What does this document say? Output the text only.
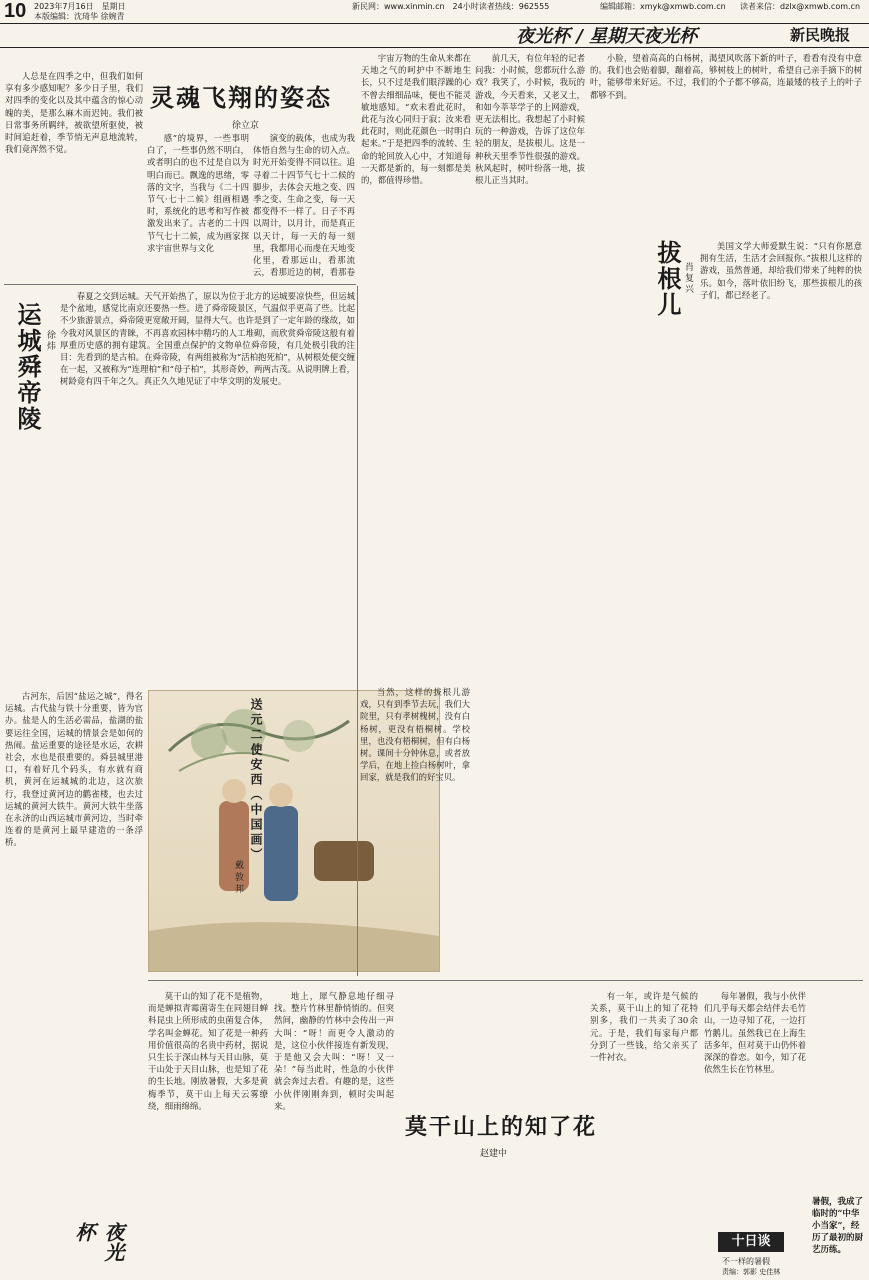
10 2023年7月16日　星期日
本版编辑：沈琦华 徐婉青
新民网：www.xinmin.cn　24小时读者热线：962555	编辑邮箱：xmyk@xmwb.com.cn 读者来信：dzlx@xmwb.com.cn
夜光杯 / 星期天夜光杯	新民晚报
灵魂飞翔的姿态
徐立京
人总是在四季之中，但我们如何享有多少感知呢？多少日子里，我们对四季的变化以及其中蕴含的惊心动魄的美，是那么麻木而迟钝。我们被日常事务所羁绊，被欲望所驱使，被时间追赶着，季节悄无声息地流转，我们竟浑然不觉。
感”的境界，一些事明白了，一些事仍然不明白，或者明白的也不过是自以为明白而已。飘逸的思绪，零落的文字，当我与《二十四节气·七十二候》组画相遇时，系统化的思考和写作被激发出来了。古老的二十四节气七十二候，成为画家探求宇宙世界与文化
演变的载体，也成为我体悟自然与生命的切入点。时光开始变得不同以往。追寻着二十四节气七十二候的脚步，去体会天地之变、四季之变、生命之变，每一天都变得不一样了。日子不再以周计，以月计，而是真正以天计，每一天的每一刻里，我都用心而虔在天地变化里，看那远山，看那流云，看那近边的树，看那卷
宇宙万物的生命从来都在天地之气的呵护中不断地生长，只不过是我们眼浮躁的心不曾去细细品味，便也不能灵敏地感知。“欢未看此花时，此花与汝心同归于寂；汝来看此花时，则此花颜色一时明白起来。”于是把四季的流转、生命的轮回放入心中，才知道每一天都是新的，每一刻都是美的，都值得珍惜。
前几天，有位年轻的记者问我：小时候，您都玩什么游戏？我笑了，小时候，我玩的游戏，今天看来，又老又土，和如今莘莘学子的上网游戏，更无法相比。我想起了小时候玩的一种游戏，告诉了这位年轻的朋友，是拔根儿。这是一种秋天里季节性很强的游戏。秋风起时，树叶纷落一地，拔根儿正当其时。
运城舜帝陵 徐炜
春夏之交到运城。天气开始热了，原以为位于北方的运城要凉快些，但运城是个盆地，感觉比南京还要热一些。进了舜帝陵景区，气温似乎更高了些。比起不少旅游景点，舜帝陵更宽敞开阔，显得大气。也许是到了一定年龄的缘故，如今我对风景区的青睐，不再喜欢园林中精巧的人工堆砌，而欣赏舜帝陵这般有着厚重历史感的拥有建筑。全国重点保护的文物单位舜帝陵，有几处极引我的注目：先看到的是古柏。在舜帝陵，有两组被称为“活柏抱死柏”，从树根处便交缠在一起，又被称为“连理柏”和“母子柏”，其形奇妙，两两古茂。从说明牌上看，树龄竟有四千年之久。真正久久地见证了中华文明的发展史。
古河东，后因“盐运之城”，得名运城。古代盐与铁十分重要，皆为官办。盐是人的生活必需品，盐湖的盐要运往全国，运城的情景会是如何的热闹。盐运重要的途径是水运，农耕社会，水也是很重要的。舜县城里港口，有着好几个码头，有水就有商机，黄河在运城城的北边，这次旅行，我登过黄河边的鹳雀楼，也去过运城的黄河大铁牛。黄河大铁牛坐落在永济的山西运城市黄河边，当时牵连着的是黄河上最早建造的一条浮桥。	送元二使安西（中国画）
戴敦邦
当然，这样的拔根儿游戏，只有到季节去玩，我们大院里，只有孝树槐树，没有白杨树，更没有梧桐树。学校里，也没有梧桐树，但有白杨树。课间十分钟休息，或者放学后，在地上捡白杨树叶，拿回家，就是我们的好宝贝。
拔根儿 肖复兴
小脸，望着高高的白杨树，渴望风吹落下新的叶子，看看有没有中意的。我们也会贴着脚，蹦着高，够树枝上的树叶，希望自己亲手摘下的树叶，能够带来好运。不过，我们的个子都不够高，连最矮的枝子上的叶子都够不到。
美国文学大师爱默生说：“只有你愿意拥有生活，生活才会回报你。”拔根儿这样的游戏，虽然普通，却给我们带来了纯粹的快乐。如今，落叶依旧纷飞，那些拔根儿的孩子们，都已经老了。
莫干山上的知了花
赵建中
莫干山的知了花不是植物，而是蝉拟青霉菌寄生在同翅目蝉科昆虫上所形成的虫菌复合体，学名叫金蝉花。知了花是一种药用价值很高的名贵中药材，据说只生长于深山林与天目山脉，莫干山处于天目山脉，也是知了花的生长地。刚放暑假，大多是黄梅季节，莫干山上每天云雾缭绕，细雨绵绵。
地上，犀气静息地仔细寻找。整片竹林里静悄悄的。但突然间，幽静的竹林中会传出一声大叫：“呀！而更令人激动的是，这位小伙伴接连有新发现，于是他又会大叫：“呀！又一朵！”每当此时，性急的小伙伴就会奔过去看。有趣的是，这些小伙伴刚刚奔到，顿时尖叫起来。
有一年，或许是气候的关系，莫干山上的知了花特别多，我们一共卖了30余元。于是，我们每家每户都分到了一些钱，给父亲买了一件衬衣。
每年暑假，我与小伙伴们几乎每天都会结伴去毛竹山，一边寻知了花，一边打竹鹅儿。虽然我已在上海生活多年，但对莫干山仍怀着深深的眷恋。如今，知了花依然生长在竹林里。
夜光杯	十日谈
不一样的暑假
责编：郭影 史佳林
暑假，我成了临时的“中华小当家”，经历了最初的厨艺历练。
